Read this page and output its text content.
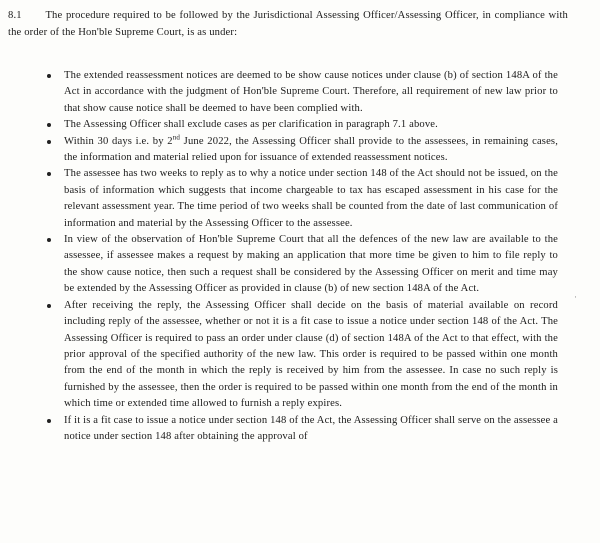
8.1 The procedure required to be followed by the Jurisdictional Assessing Officer/Assessing Officer, in compliance with the order of the Hon'ble Supreme Court, is as under:
The extended reassessment notices are deemed to be show cause notices under clause (b) of section 148A of the Act in accordance with the judgment of Hon'ble Supreme Court. Therefore, all requirement of new law prior to that show cause notice shall be deemed to have been complied with.
The Assessing Officer shall exclude cases as per clarification in paragraph 7.1 above.
Within 30 days i.e. by 2nd June 2022, the Assessing Officer shall provide to the assessees, in remaining cases, the information and material relied upon for issuance of extended reassessment notices.
The assessee has two weeks to reply as to why a notice under section 148 of the Act should not be issued, on the basis of information which suggests that income chargeable to tax has escaped assessment in his case for the relevant assessment year. The time period of two weeks shall be counted from the date of last communication of information and material by the Assessing Officer to the assessee.
In view of the observation of Hon'ble Supreme Court that all the defences of the new law are available to the assessee, if assessee makes a request by making an application that more time be given to him to file reply to the show cause notice, then such a request shall be considered by the Assessing Officer on merit and time may be extended by the Assessing Officer as provided in clause (b) of new section 148A of the Act.
After receiving the reply, the Assessing Officer shall decide on the basis of material available on record including reply of the assessee, whether or not it is a fit case to issue a notice under section 148 of the Act. The Assessing Officer is required to pass an order under clause (d) of section 148A of the Act to that effect, with the prior approval of the specified authority of the new law. This order is required to be passed within one month from the end of the month in which the reply is received by him from the assessee. In case no such reply is furnished by the assessee, then the order is required to be passed within one month from the end of the month in which time or extended time allowed to furnish a reply expires.
If it is a fit case to issue a notice under section 148 of the Act, the Assessing Officer shall serve on the assessee a notice under section 148 after obtaining the approval of
·
